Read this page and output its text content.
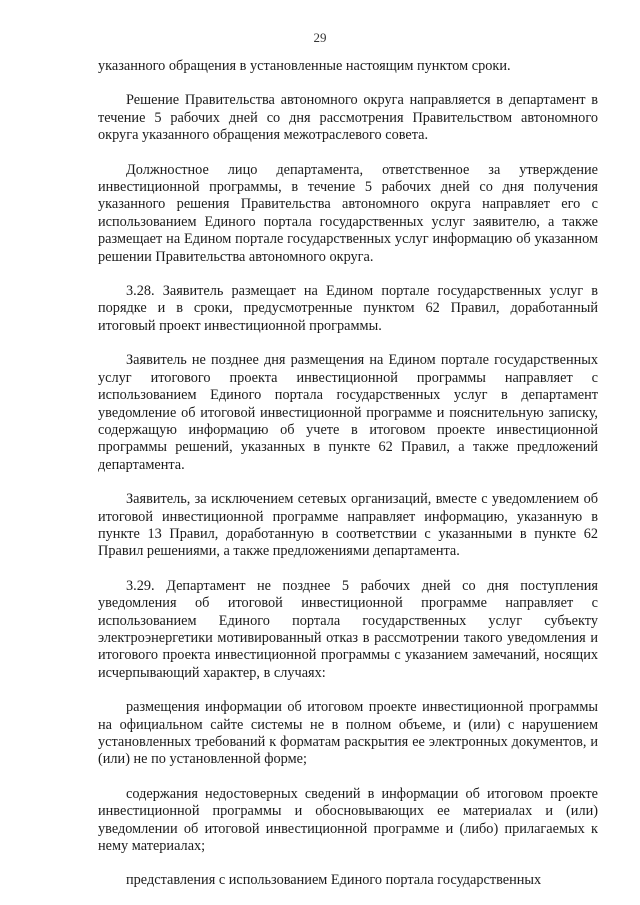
29

указанного обращения в установленные настоящим пунктом сроки.

Решение Правительства автономного округа направляется в департамент в течение 5 рабочих дней со дня рассмотрения Правительством автономного округа указанного обращения межотраслевого совета.

Должностное лицо департамента, ответственное за утверждение инвестиционной программы, в течение 5 рабочих дней со дня получения указанного решения Правительства автономного округа направляет его с использованием Единого портала государственных услуг заявителю, а также размещает на Едином портале государственных услуг информацию об указанном решении Правительства автономного округа.

3.28. Заявитель размещает на Едином портале государственных услуг в порядке и в сроки, предусмотренные пунктом 62 Правил, доработанный итоговый проект инвестиционной программы.

Заявитель не позднее дня размещения на Едином портале государственных услуг итогового проекта инвестиционной программы направляет с использованием Единого портала государственных услуг в департамент уведомление об итоговой инвестиционной программе и пояснительную записку, содержащую информацию об учете в итоговом проекте инвестиционной программы решений, указанных в пункте 62 Правил, а также предложений департамента.

Заявитель, за исключением сетевых организаций, вместе с уведомлением об итоговой инвестиционной программе направляет информацию, указанную в пункте 13 Правил, доработанную в соответствии с указанными в пункте 62 Правил решениями, а также предложениями департамента.

3.29. Департамент не позднее 5 рабочих дней со дня поступления уведомления об итоговой инвестиционной программе направляет с использованием Единого портала государственных услуг субъекту электроэнергетики мотивированный отказ в рассмотрении такого уведомления и итогового проекта инвестиционной программы с указанием замечаний, носящих исчерпывающий характер, в случаях:

размещения информации об итоговом проекте инвестиционной программы на официальном сайте системы не в полном объеме, и (или) с нарушением установленных требований к форматам раскрытия ее электронных документов, и (или) не по установленной форме;

содержания недостоверных сведений в информации об итоговом проекте инвестиционной программы и обосновывающих ее материалах и (или) уведомлении об итоговой инвестиционной программе и (либо) прилагаемых к нему материалах;

представления с использованием Единого портала государственных
